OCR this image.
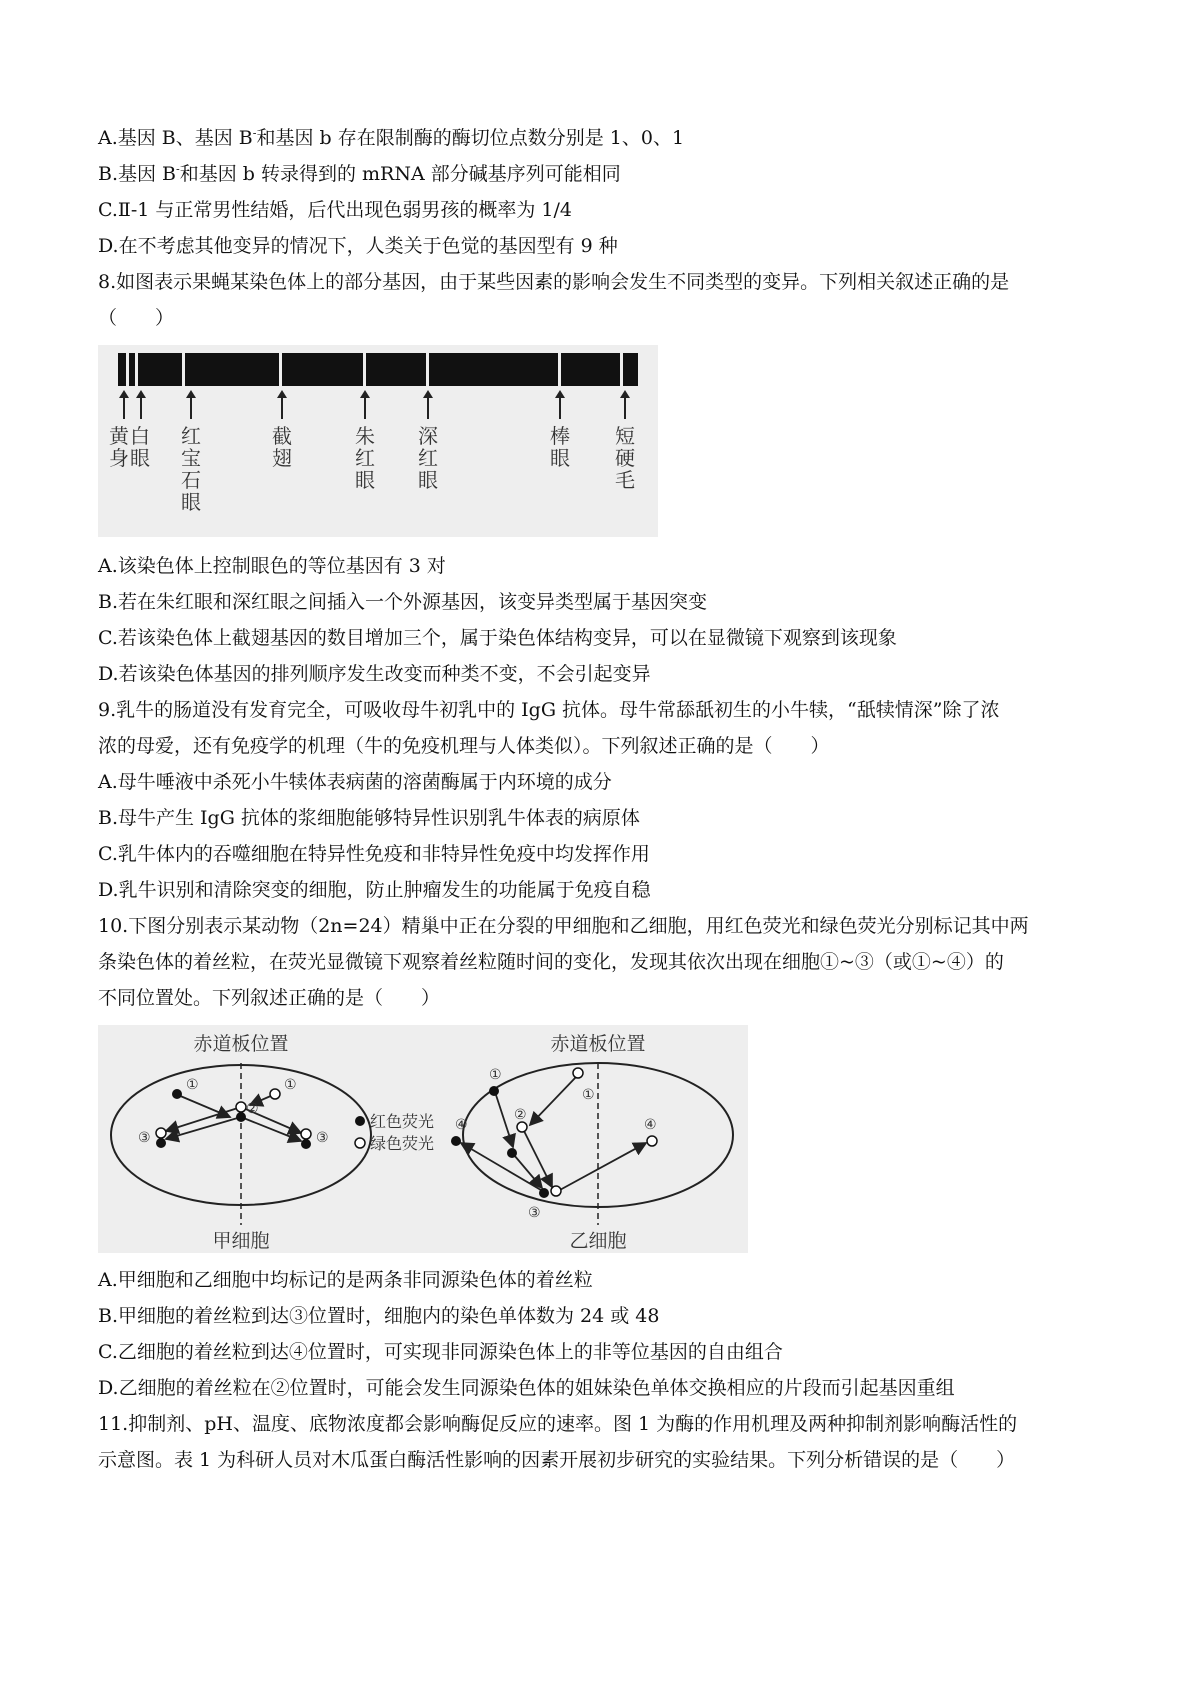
A.基因 B、基因 B-和基因 b 存在限制酶的酶切位点数分别是 1、0、1
B.基因 B-和基因 b 转录得到的 mRNA 部分碱基序列可能相同
C.Ⅱ-1 与正常男性结婚，后代出现色弱男孩的概率为 1/4
D.在不考虑其他变异的情况下，人类关于色觉的基因型有 9 种
8.如图表示果蝇某染色体上的部分基因，由于某些因素的影响会发生不同类型的变异。下列相关叙述正确的是
（　　）
黄
身
白
眼
红
宝
石
眼
截
翅
朱
红
眼
深
红
眼
棒
眼
短
硬
毛
A.该染色体上控制眼色的等位基因有 3 对
B.若在朱红眼和深红眼之间插入一个外源基因，该变异类型属于基因突变
C.若该染色体上截翅基因的数目增加三个，属于染色体结构变异，可以在显微镜下观察到该现象
D.若该染色体基因的排列顺序发生改变而种类不变，不会引起变异
9.乳牛的肠道没有发育完全，可吸收母牛初乳中的 IgG 抗体。母牛常舔舐初生的小牛犊，“舐犊情深”除了浓
浓的母爱，还有免疫学的机理（牛的免疫机理与人体类似）。下列叙述正确的是（　　）
A.母牛唾液中杀死小牛犊体表病菌的溶菌酶属于内环境的成分
B.母牛产生 IgG 抗体的浆细胞能够特异性识别乳牛体表的病原体
C.乳牛体内的吞噬细胞在特异性免疫和非特异性免疫中均发挥作用
D.乳牛识别和清除突变的细胞，防止肿瘤发生的功能属于免疫自稳
10.下图分别表示某动物（2n=24）精巢中正在分裂的甲细胞和乙细胞，用红色荧光和绿色荧光分别标记其中两
条染色体的着丝粒，在荧光显微镜下观察着丝粒随时间的变化，发现其依次出现在细胞①~③（或①~④）的
不同位置处。下列叙述正确的是（　　）
赤道板位置
甲细胞
①	①
②
③	③
红色荧光
绿色荧光
赤道板位置
乙细胞
①
①
②
④	④
③
A.甲细胞和乙细胞中均标记的是两条非同源染色体的着丝粒
B.甲细胞的着丝粒到达③位置时，细胞内的染色单体数为 24 或 48
C.乙细胞的着丝粒到达④位置时，可实现非同源染色体上的非等位基因的自由组合
D.乙细胞的着丝粒在②位置时，可能会发生同源染色体的姐妹染色单体交换相应的片段而引起基因重组
11.抑制剂、pH、温度、底物浓度都会影响酶促反应的速率。图 1 为酶的作用机理及两种抑制剂影响酶活性的
示意图。表 1 为科研人员对木瓜蛋白酶活性影响的因素开展初步研究的实验结果。下列分析错误的是（　　）
